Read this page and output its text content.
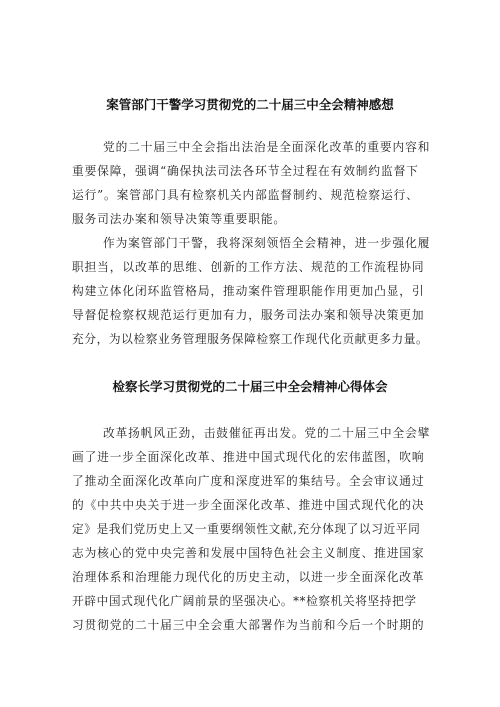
案管部门干警学习贯彻党的二十届三中全会精神感想
党的二十届三中全会指出法治是全面深化改革的重要内容和
重要保障，强调“确保执法司法各环节全过程在有效制约监督下
运行”。案管部门具有检察机关内部监督制约、规范检察运行、
服务司法办案和领导决策等重要职能。
作为案管部门干警，我将深刻领悟全会精神，进一步强化履
职担当，以改革的思维、创新的工作方法、规范的工作流程协同
构建立体化闭环监管格局，推动案件管理职能作用更加凸显，引
导督促检察权规范运行更加有力，服务司法办案和领导决策更加
充分，为以检察业务管理服务保障检察工作现代化贡献更多力量。
检察长学习贯彻党的二十届三中全会精神心得体会
改革扬帆风正劲，击鼓催征再出发。党的二十届三中全会擘
画了进一步全面深化改革、推进中国式现代化的宏伟蓝图，吹响
了推动全面深化改革向广度和深度进军的集结号。全会审议通过
的《中共中央关于进一步全面深化改革、推进中国式现代化的决
定》是我们党历史上又一重要纲领性文献,充分体现了以习近平同
志为核心的党中央完善和发展中国特色社会主义制度、推进国家
治理体系和治理能力现代化的历史主动，以进一步全面深化改革
开辟中国式现代化广阔前景的坚强决心。**检察机关将坚持把学
习贯彻党的二十届三中全会重大部署作为当前和今后一个时期的
